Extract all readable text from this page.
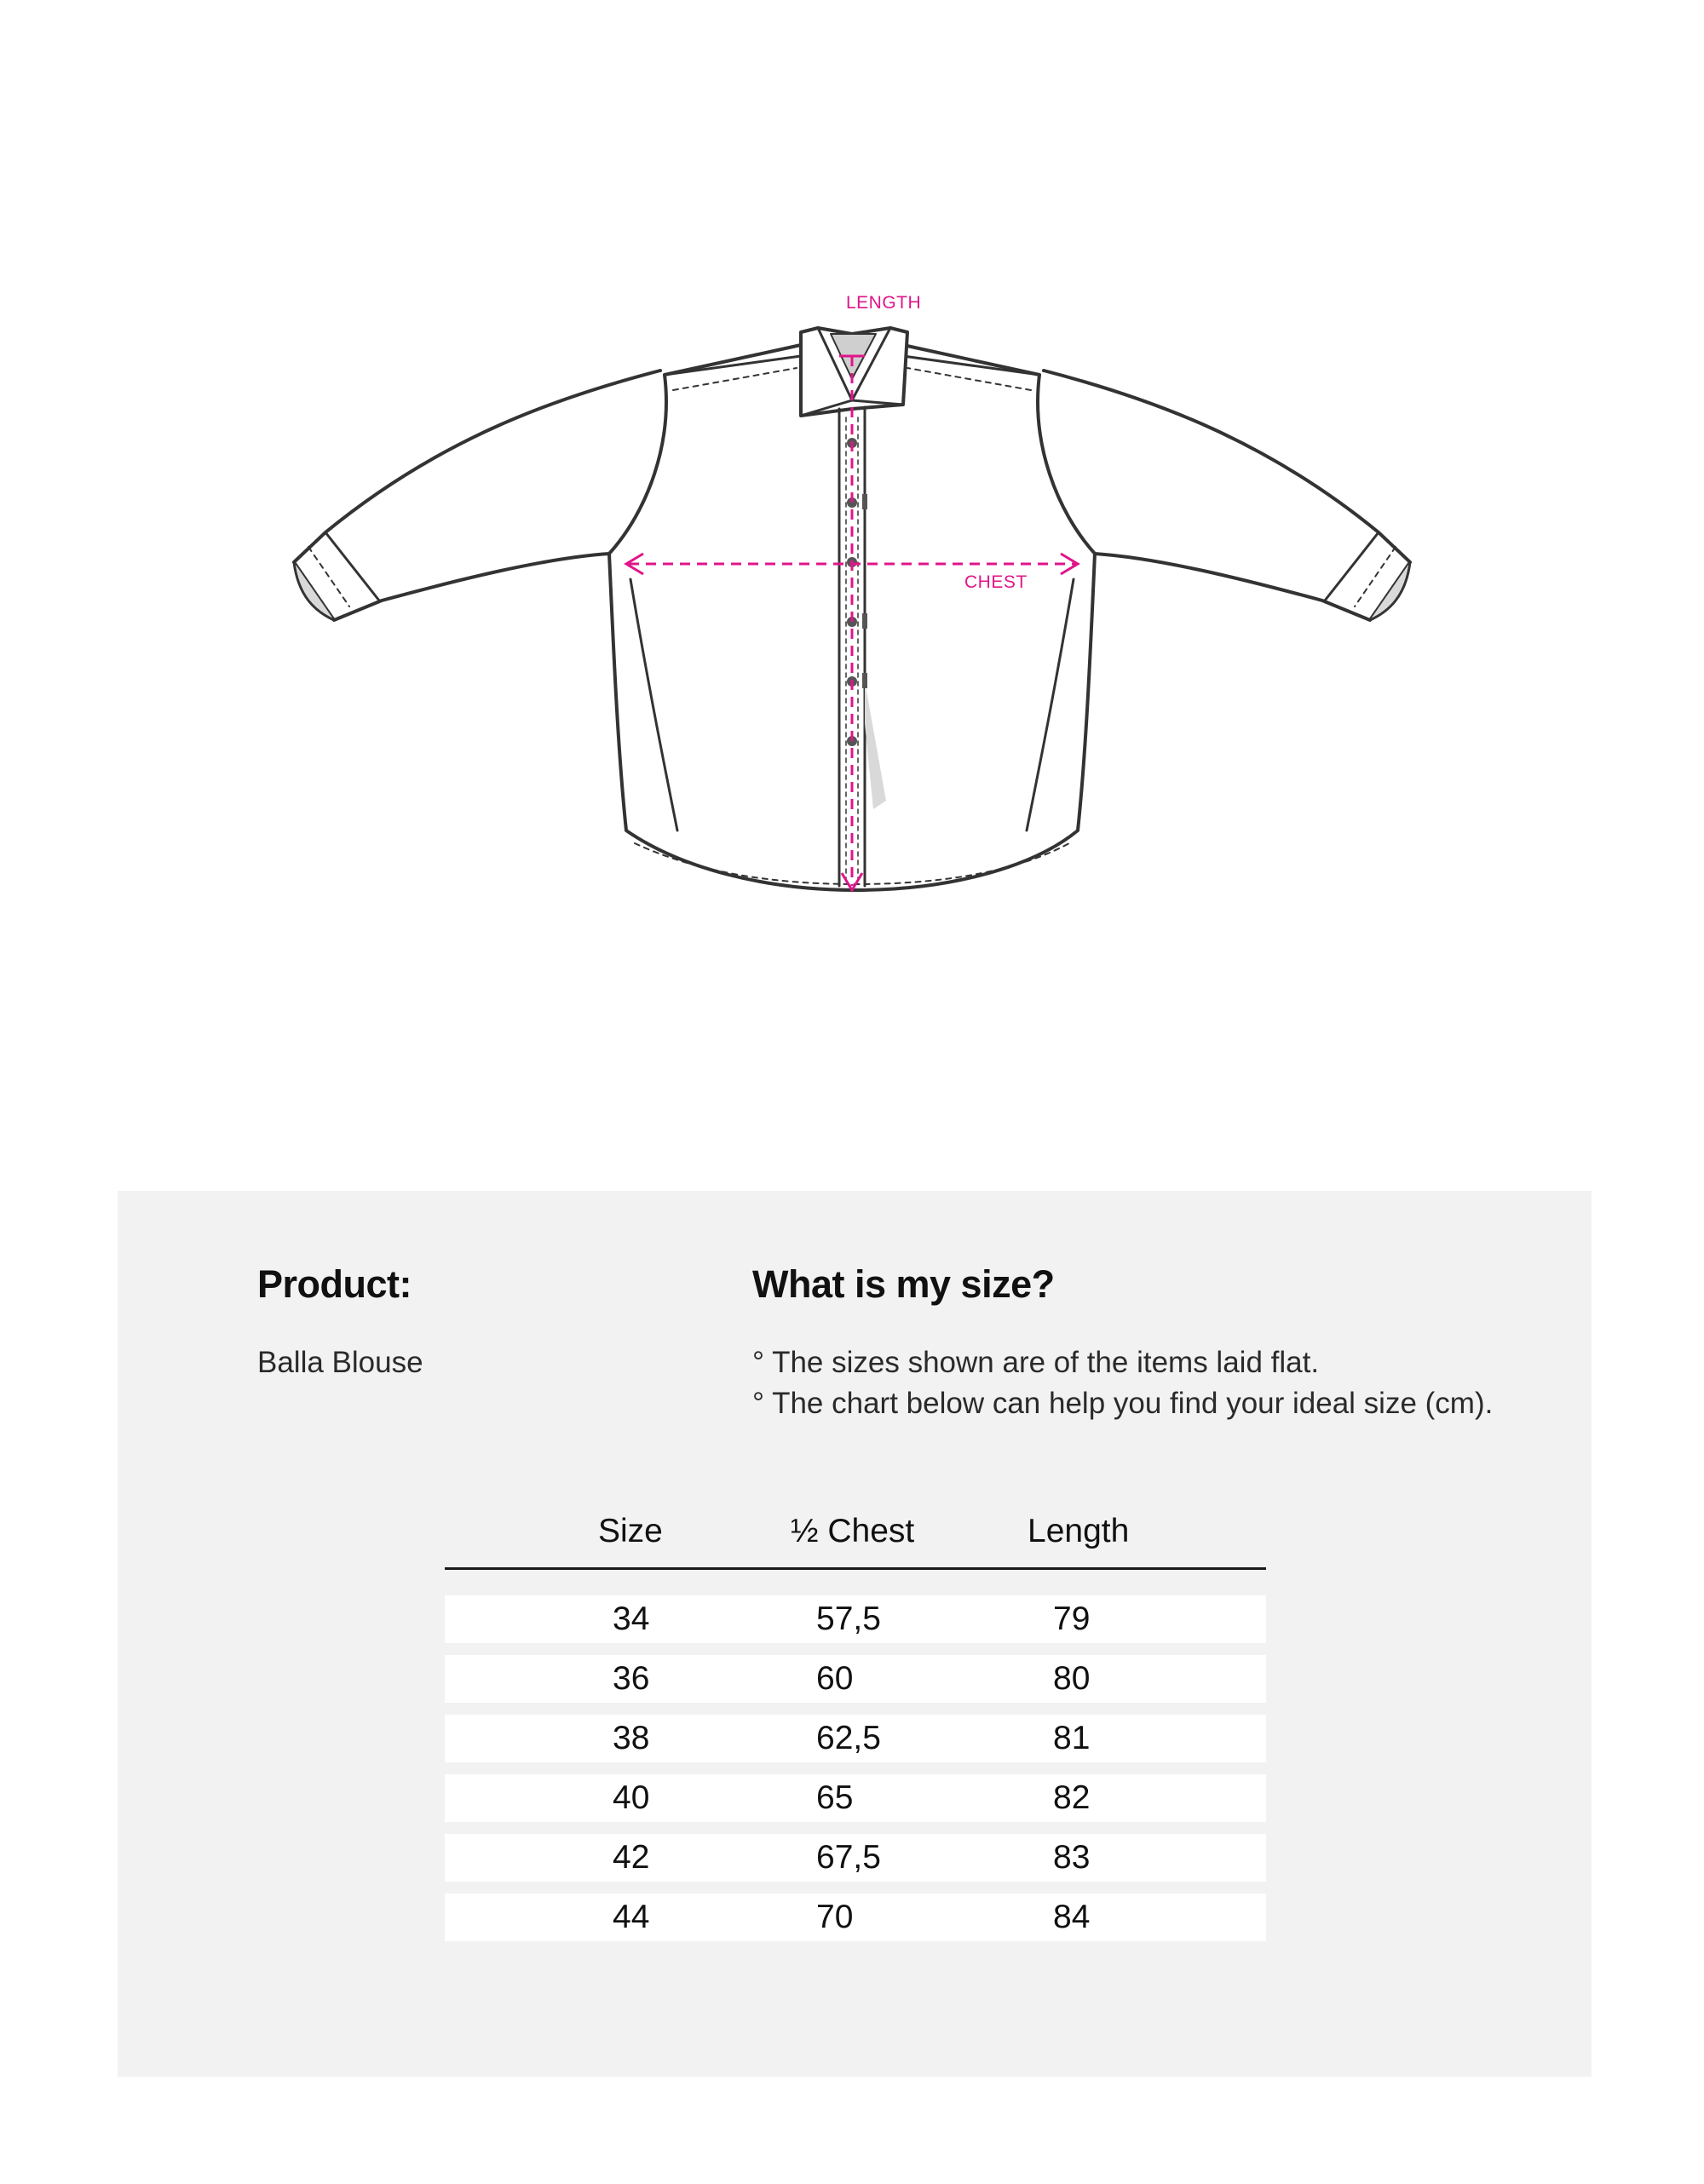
LENGTH
CHEST
Product:
Balla Blouse
What is my size?
° The sizes shown are of the items laid flat.
° The chart below can help you find your ideal size (cm).
Size	½ Chest	Length
34	57,5	79
36	60	80
38	62,5	81
40	65	82
42	67,5	83
44	70	84
